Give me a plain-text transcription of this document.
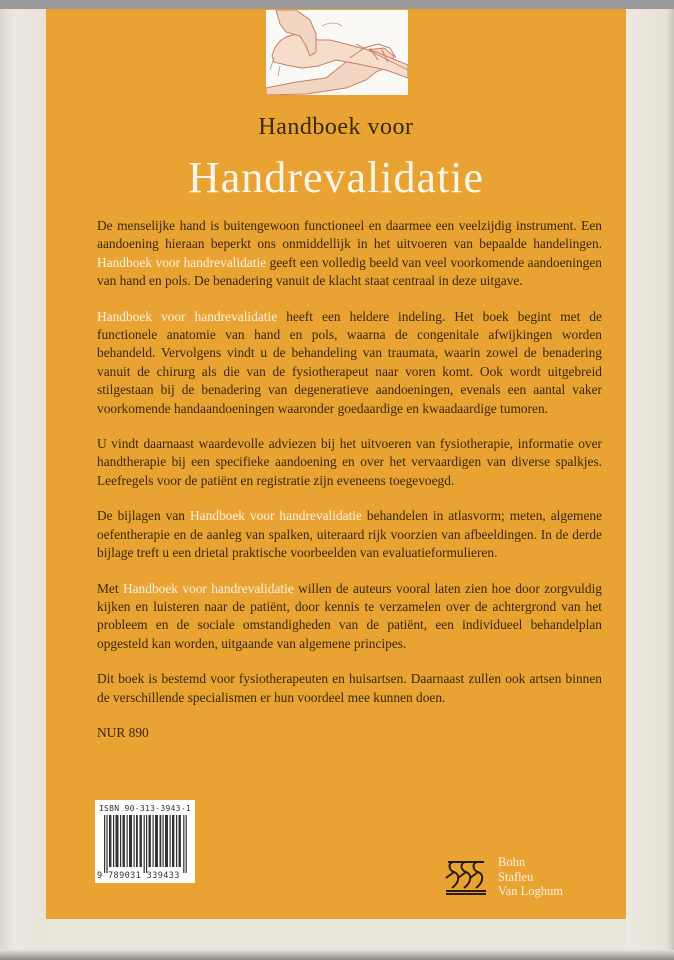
Handboek voor
Handrevalidatie

De menselijke hand is buitengewoon functioneel en daarmee een veelzijdig instrument. Een aandoening hieraan beperkt ons onmiddellijk in het uitvoeren van bepaalde handelingen. Handboek voor handrevalidatie geeft een volledig beeld van veel voorkomende aandoeningen van hand en pols. De benadering vanuit de klacht staat centraal in deze uitgave.

Handboek voor handrevalidatie heeft een heldere indeling. Het boek begint met de functionele anatomie van hand en pols, waarna de congenitale afwijkingen worden behandeld. Vervolgens vindt u de behandeling van traumata, waarin zowel de benadering vanuit de chirurg als die van de fysiotherapeut naar voren komt. Ook wordt uitgebreid stilgestaan bij de benadering van degeneratieve aandoeningen, evenals een aantal vaker voorkomende handaandoeningen waaronder goedaardige en kwaadaardige tumoren.

U vindt daarnaast waardevolle adviezen bij het uitvoeren van fysiotherapie, informatie over handtherapie bij een specifieke aandoening en over het vervaardigen van diverse spalkjes. Leefregels voor de patiënt en registratie zijn eveneens toegevoegd.

De bijlagen van Handboek voor handrevalidatie behandelen in atlasvorm; meten, algemene oefentherapie en de aanleg van spalken, uiteraard rijk voorzien van afbeeldingen. In de derde bijlage treft u een drietal praktische voorbeelden van evaluatieformulieren.

Met Handboek voor handrevalidatie willen de auteurs vooral laten zien hoe door zorgvuldig kijken en luisteren naar de patiënt, door kennis te verzamelen over de achtergrond van het probleem en de sociale omstandigheden van de patiënt, een individueel behandelplan opgesteld kan worden, uitgaande van algemene principes.

Dit boek is bestemd voor fysiotherapeuten en huisartsen. Daarnaast zullen ook artsen binnen de verschillende specialismen er hun voordeel mee kunnen doen.

NUR 890

ISBN 90-313-3943-1
9 789031 339433
Bohn
Stafleu
Van Loghum
